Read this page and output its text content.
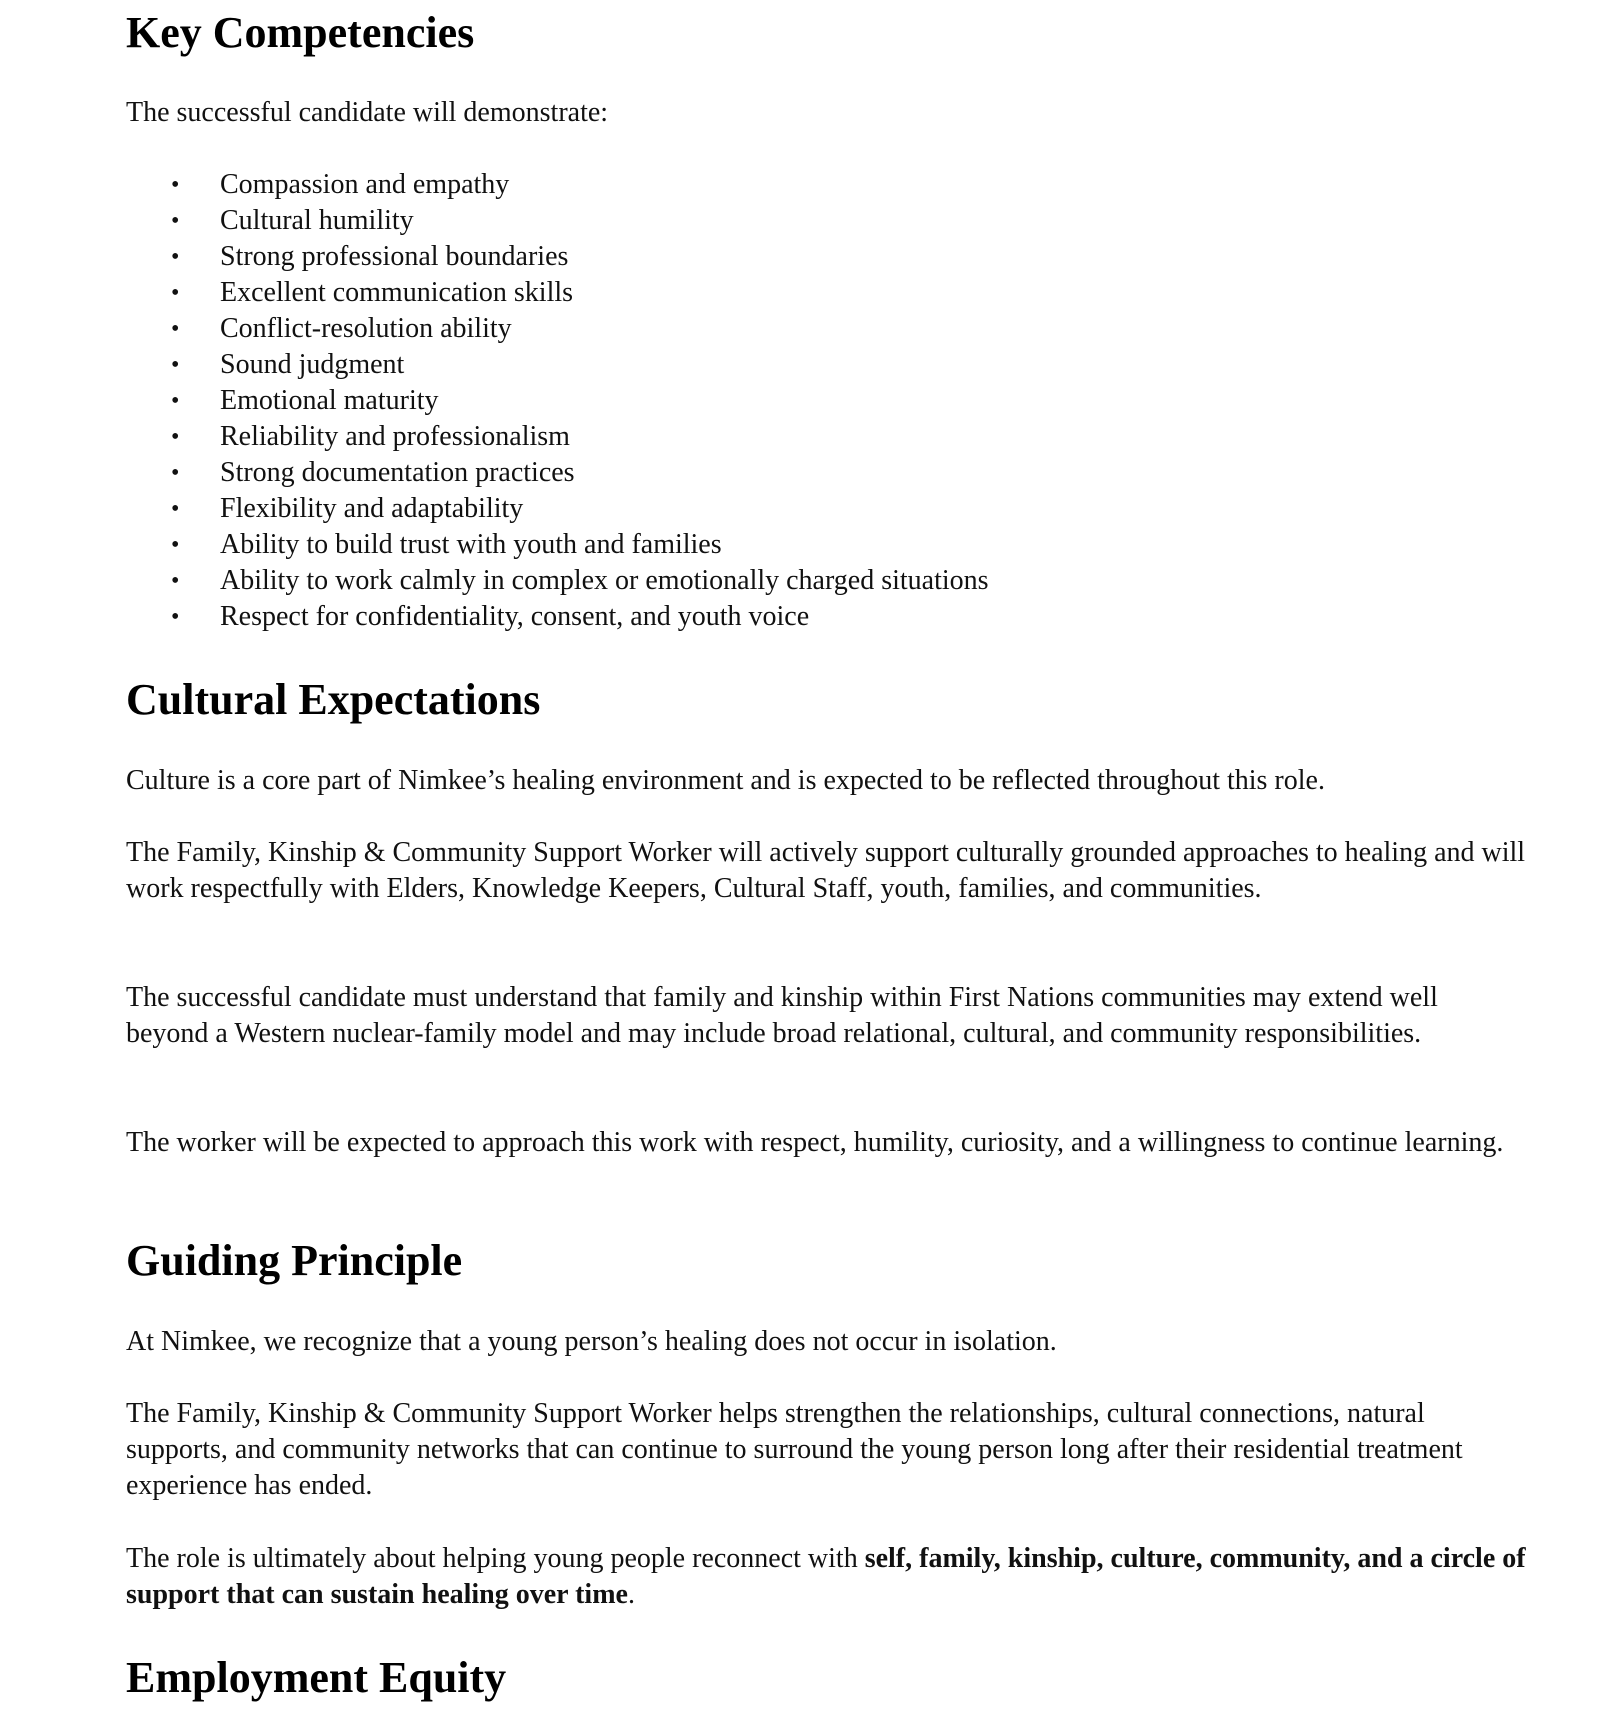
Key Competencies

The successful candidate will demonstrate:

• Compassion and empathy
• Cultural humility
• Strong professional boundaries
• Excellent communication skills
• Conflict-resolution ability
• Sound judgment
• Emotional maturity
• Reliability and professionalism
• Strong documentation practices
• Flexibility and adaptability
• Ability to build trust with youth and families
• Ability to work calmly in complex or emotionally charged situations
• Respect for confidentiality, consent, and youth voice
Cultural Expectations

Culture is a core part of Nimkee’s healing environment and is expected to be reflected throughout this role.

The Family, Kinship & Community Support Worker will actively support culturally grounded approaches to healing and will work respectfully with Elders, Knowledge Keepers, Cultural Staff, youth, families, and communities.

The successful candidate must understand that family and kinship within First Nations communities may extend well beyond a Western nuclear-family model and may include broad relational, cultural, and community responsibilities.

The worker will be expected to approach this work with respect, humility, curiosity, and a willingness to continue learning.

Guiding Principle

At Nimkee, we recognize that a young person’s healing does not occur in isolation.

The Family, Kinship & Community Support Worker helps strengthen the relationships, cultural connections, natural supports, and community networks that can continue to surround the young person long after their residential treatment experience has ended.

The role is ultimately about helping young people reconnect with self, family, kinship, culture, community, and a circle of support that can sustain healing over time.

Employment Equity
